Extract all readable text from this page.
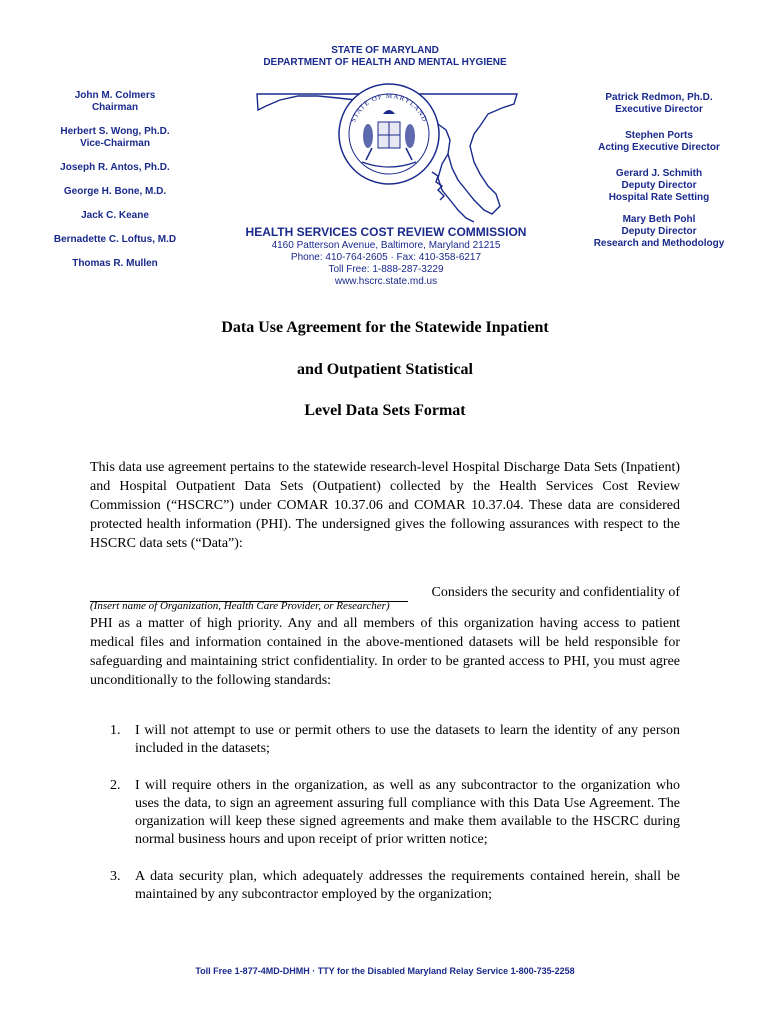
STATE OF MARYLAND
DEPARTMENT OF HEALTH AND MENTAL HYGIENE
John M. Colmers
Chairman
Herbert S. Wong, Ph.D.
Vice-Chairman
Joseph R. Antos, Ph.D.
George H. Bone, M.D.
Jack C. Keane
Bernadette C. Loftus, M.D
Thomas R. Mullen
STATE OF MARYLAND
HEALTH SERVICES COST REVIEW COMMISSION
4160 Patterson Avenue, Baltimore, Maryland 21215
Phone: 410-764-2605 · Fax: 410-358-6217
Toll Free: 1-888-287-3229
www.hscrc.state.md.us
Patrick Redmon, Ph.D.
Executive Director
Stephen Ports
Acting Executive Director
Gerard J. Schmith
Deputy Director
Hospital Rate Setting
Mary Beth Pohl
Deputy Director
Research and Methodology
Data Use Agreement for the Statewide Inpatient
and Outpatient Statistical
Level Data Sets Format
This data use agreement pertains to the statewide research-level Hospital Discharge Data Sets (Inpatient) and Hospital Outpatient Data Sets (Outpatient) collected by the Health Services Cost Review Commission (“HSCRC”) under COMAR 10.37.06 and COMAR 10.37.04. These data are considered protected health information (PHI). The undersigned gives the following assurances with respect to the HSCRC data sets (“Data”):
Considers the security and confidentiality of
(Insert name of Organization, Health Care Provider, or Researcher)
PHI as a matter of high priority. Any and all members of this organization having access to patient medical files and information contained in the above-mentioned datasets will be held responsible for safeguarding and maintaining strict confidentiality. In order to be granted access to PHI, you must agree unconditionally to the following standards:
1. I will not attempt to use or permit others to use the datasets to learn the identity of any person included in the datasets;
2. I will require others in the organization, as well as any subcontractor to the organization who uses the data, to sign an agreement assuring full compliance with this Data Use Agreement. The organization will keep these signed agreements and make them available to the HSCRC during normal business hours and upon receipt of prior written notice;
3. A data security plan, which adequately addresses the requirements contained herein, shall be maintained by any subcontractor employed by the organization;
Toll Free 1-877-4MD-DHMH · TTY for the Disabled Maryland Relay Service 1-800-735-2258
